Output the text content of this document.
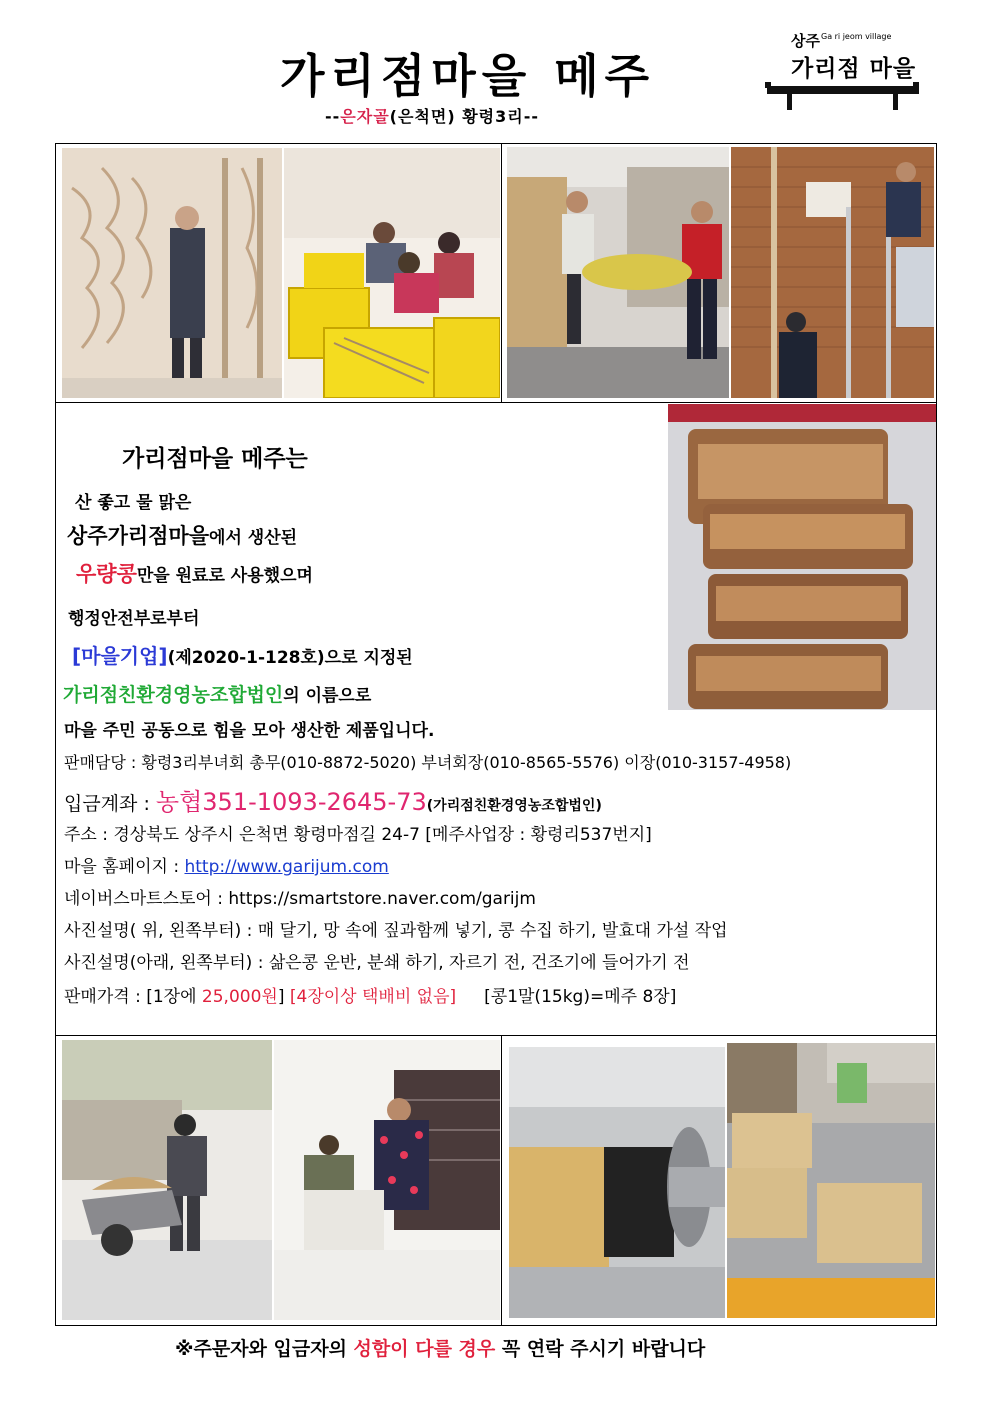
가리점마을 메주
--은자골(은척면) 황령3리--
상주 Ga ri jeom village
가리점 마을
가리점마을 메주는
산 좋고 물 맑은
상주가리점마을에서 생산된
우량콩만을 원료로 사용했으며
행정안전부로부터
[마을기업](제2020-1-128호)으로 지정된
가리점친환경영농조합법인의 이름으로
마을 주민 공동으로 힘을 모아 생산한 제품입니다.
판매담당 : 황령3리부녀회 총무(010-8872-5020) 부녀회장(010-8565-5576) 이장(010-3157-4958)
입금계좌 : 농협351-1093-2645-73(가리점친환경영농조합법인)
주소 : 경상북도 상주시 은척면 황령마점길 24-7 [메주사업장 : 황령리537번지]
마을 홈페이지 : http://www.garijum.com
네이버스마트스토어 : https://smartstore.naver.com/garijm
사진설명( 위, 왼쪽부터) : 매 달기, 망 속에 짚과함께 넣기, 콩 수집 하기, 발효대 가설 작업
사진설명(아래, 왼쪽부터) : 삶은콩 운반, 분쇄 하기, 자르기 전, 건조기에 들어가기 전
판매가격 : [1장에 25,000원] [4장이상 택배비 없음] [콩1말(15kg)=메주 8장]
※주문자와 입금자의 성함이 다를 경우 꼭 연락 주시기 바랍니다
